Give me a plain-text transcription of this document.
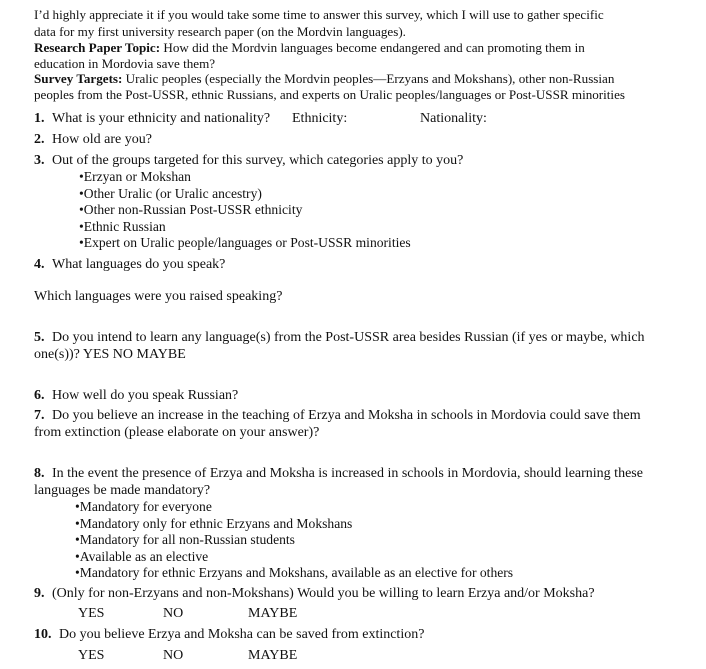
I’d highly appreciate it if you would take some time to answer this survey, which I will use to gather specific
data for my first university research paper (on the Mordvin languages).
Research Paper Topic: How did the Mordvin languages become endangered and can promoting them in
education in Mordovia save them?
Survey Targets: Uralic peoples (especially the Mordvin peoples—Erzyans and Mokshans), other non-Russian
peoples from the Post-USSR, ethnic Russians, and experts on Uralic peoples/languages or Post-USSR minorities
1. What is your ethnicity and nationality? Ethnicity:	Nationality:
2. How old are you?
3. Out of the groups targeted for this survey, which categories apply to you?
•Erzyan or Mokshan
•Other Uralic (or Uralic ancestry)
•Other non-Russian Post-USSR ethnicity
•Ethnic Russian
•Expert on Uralic people/languages or Post-USSR minorities
4. What languages do you speak?
Which languages were you raised speaking?
5. Do you intend to learn any language(s) from the Post-USSR area besides Russian (if yes or maybe, which
one(s))? YES NO MAYBE
6. How well do you speak Russian?
7. Do you believe an increase in the teaching of Erzya and Moksha in schools in Mordovia could save them
from extinction (please elaborate on your answer)?
8. In the event the presence of Erzya and Moksha is increased in schools in Mordovia, should learning these
languages be made mandatory?
•Mandatory for everyone
•Mandatory only for ethnic Erzyans and Mokshans
•Mandatory for all non-Russian students
•Available as an elective
•Mandatory for ethnic Erzyans and Mokshans, available as an elective for others
9. (Only for non-Erzyans and non-Mokshans) Would you be willing to learn Erzya and/or Moksha?
YES	NO	MAYBE
10. Do you believe Erzya and Moksha can be saved from extinction?
YES	NO	MAYBE
